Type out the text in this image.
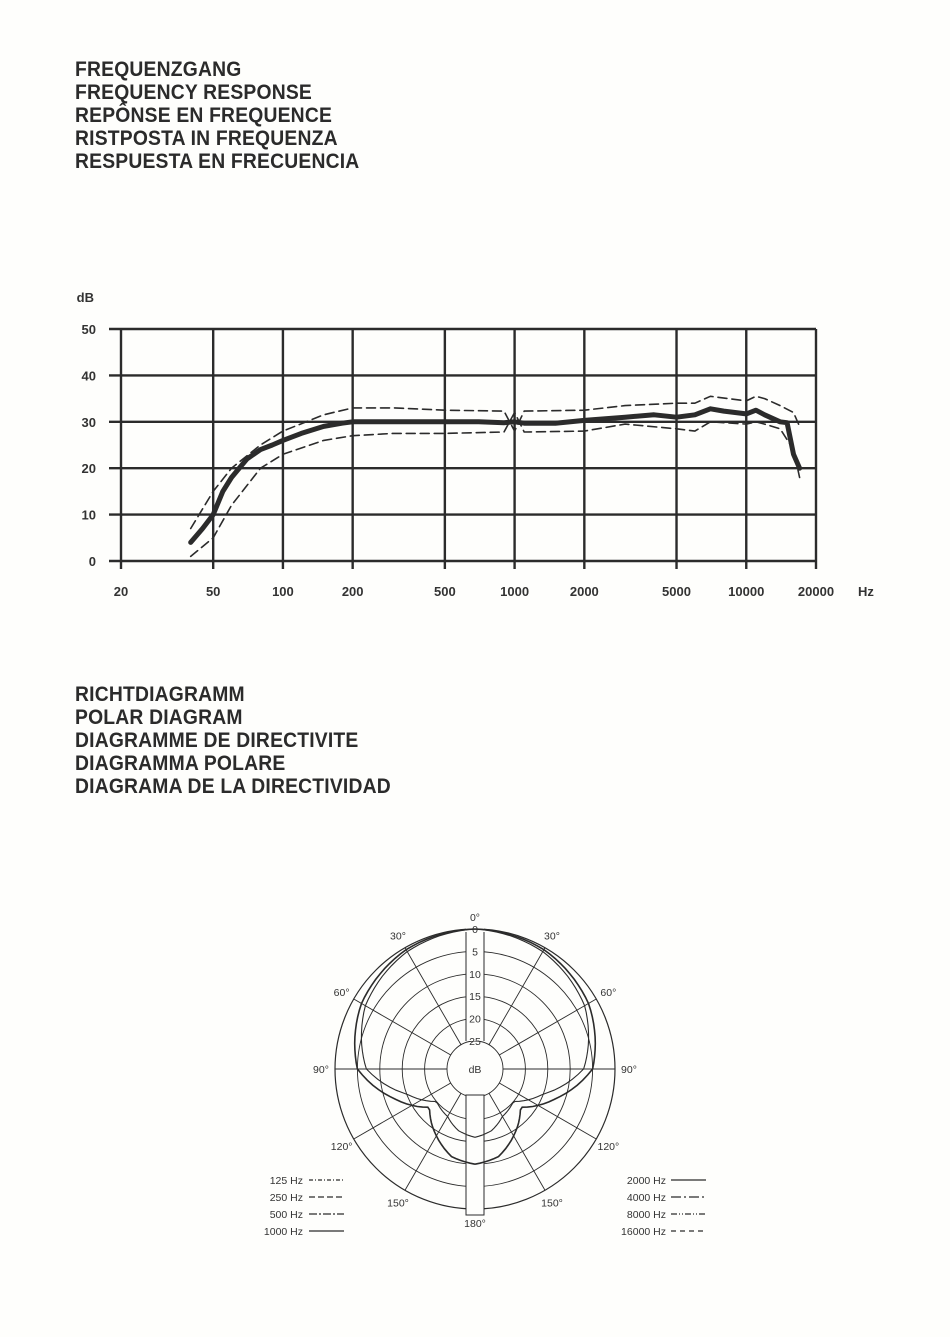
FREQUENZGANG
FREQUENCY RESPONSE
REPÔNSE EN FREQUENCE
RISTPOSTA IN FREQUENZA
RESPUESTA EN FRECUENCIA
RICHTDIAGRAMM
POLAR DIAGRAM
DIAGRAMME DE DIRECTIVITE
DIAGRAMMA POLARE
DIAGRAMA DE LA DIRECTIVIDAD
0
10
20
30
40
50
20	50	100	200	500	1000	2000	5000	10000	20000
dB
Hz
0
5
10
15
20
25
dB
0°
30°
60°
90°
120°
150°
180°
30°
60°
90°
120°
150°
125 Hz
250 Hz
500 Hz
1000 Hz
2000 Hz
4000 Hz
8000 Hz
16000 Hz
